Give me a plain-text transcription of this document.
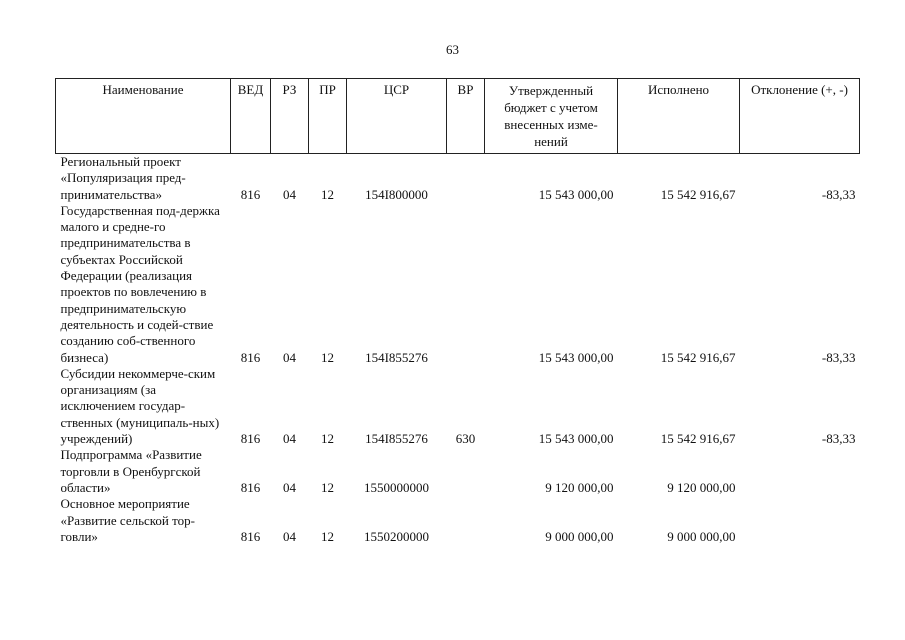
63
Наименование	ВЕД	РЗ	ПР	ЦСР	ВР	Утвержденный бюджет с учетом внесенных изме-нений	Исполнено	Отклонение (+, -)
Региональный проект «Популяризация пред-принимательства»	816	04	12	154I800000		15 543 000,00	15 542 916,67	-83,33
Государственная под-держка малого и средне-го предпринимательства в субъектах Российской Федерации (реализация проектов по вовлечению в предпринимательскую деятельность и содей-ствие созданию соб-ственного бизнеса)	816	04	12	154I855276		15 543 000,00	15 542 916,67	-83,33
Субсидии некоммерче-ским организациям (за исключением государ-ственных (муниципаль-ных) учреждений)	816	04	12	154I855276	630	15 543 000,00	15 542 916,67	-83,33
Подпрограмма «Развитие торговли в Оренбургской области»	816	04	12	1550000000		9 120 000,00	9 120 000,00	
Основное мероприятие «Развитие сельской тор-говли»	816	04	12	1550200000		9 000 000,00	9 000 000,00	
